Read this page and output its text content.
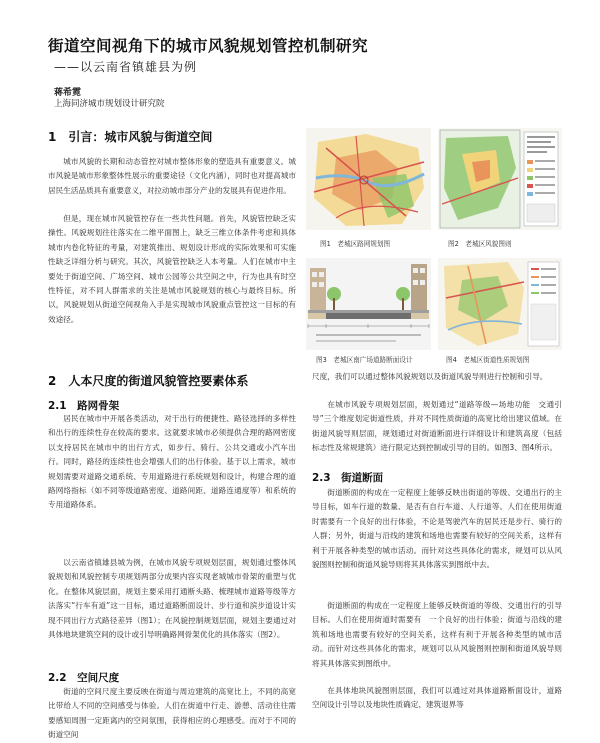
街道空间视角下的城市风貌规划管控机制研究
——以云南省镇雄县为例
蒋希霓
上海同济城市规划设计研究院
1　引言：城市风貌与街道空间

城市风貌的长期和动态管控对城市整体形象的塑造具有重要意义。城市风貌是城市形象整体性展示的重要途径（文化内涵），同时也对提高城市居民生活品质具有重要意义，对拉动城市部分产业的发展具有促进作用。

但是，现在城市风貌管控存在一些共性问题。首先，风貌管控缺乏实操性。风貌规划往往落实在二维平面图上，缺乏三维立体条件考虑和具体城市内卷化特征的考量，对建筑推出、规划设计形成的实际效果和可实施性缺乏详细分析与研究。其次，风貌管控缺乏人本考量。人们在城市中主要处于街道空间、广场空间、城市公园等公共空间之中，行为也具有时空性特征，对不同人群需求的关注是城市风貌规划的核心与最终目标。所以，风貌规划从街道空间视角入手是实现城市风貌重点管控这一目标的有效途径。

2　人本尺度的街道风貌管控要素体系
2.1　路网骨架

居民在城市中开展各类活动，对于出行的便捷性、路径选择的多样性和出行的连续性存在较高的要求。这就要求城市必须提供合理的路网密度以支持居民在城市中的出行方式，如步行、骑行、公共交通或小汽车出行。同时，路径的连续性也会增强人们的出行体验。基于以上需求，城市规划需要对道路交通系统、专用道路进行系统规划和设计，构建合理的道路网络指标（如不同等级道路密度、道路间距、道路连通度等）和系统的专用道路体系。

以云南省镇雄县城为例，在城市风貌专项规划层面，规划通过整体风貌规划和风貌控制专项规划两部分成果内容实现老城城市骨架的重塑与优化。在整体风貌层面，规划主要采用打通断头路、梳理城市道路等级等方法落实“行车有道”这一目标，通过道路断面设计、步行道和滨步道设计实现不同出行方式路径差异（图1）；在风貌控制规划层面，规划主要通过对具体地块建筑空间的设计或引导明确路网骨架优化的具体落实（图2）。

2.2　空间尺度

街道的空间尺度主要反映在街道与周边建筑的高宽比上，不同的高宽比带给人不同的空间感受与体验。人们在街道中行走、游憩、活动往往需要感知周围一定距离内的空间氛围，获得相应的心理感受。而对于不同的街道空间

图1　老城区路网规划图	图2　老城区风貌图则
图3　老城区南广场道路断面设计	图4　老城区街道性质规划图

尺度，我们可以通过整体风貌规划以及街道风貌导则进行控制和引导。

在城市风貌专项规划层面，规划通过“道路等级—场地功能　交通引导”三个维度划定街道性质，并对不同性质街道的高宽比给出建议值域。在街道风貌导则层面，规划通过对街道断面进行详细设计和建筑高度（包括标志性及常规建筑）进行限定达到控制或引导的目的。如图3、图4所示。

2.3　街道断面

街道断面的构成在一定程度上能够反映出街道的等级、交通出行的主导目标，如车行道的数量、是否有自行车道、人行道等。人们在使用街道时需要有一个良好的出行体验，不论是驾驶汽车的居民还是步行、骑行的人群；另外，街道与沿线的建筑和场地也需要有较好的空间关系，这样有利于开展各种类型的城市活动。而针对这些具体化的需求，规划可以从风貌图则控制和街道风貌导则将其具体落实到图纸中去。

街道断面的构成在一定程度上能够反映街道的等级、交通出行的引导目标。人们在使用街道时需要有　一个良好的出行体验；街道与沿线的建筑和场地也需要有较好的空间关系，这样有利于开展各种类型的城市活动。而针对这些具体化的需求，规划可以从风貌图则控制和街道风貌导则将其具体落实到图纸中。

在具体地块风貌图则层面，我们可以通过对具体道路断面设计，道路空间设计引导以及地块性质确定、建筑退界等
